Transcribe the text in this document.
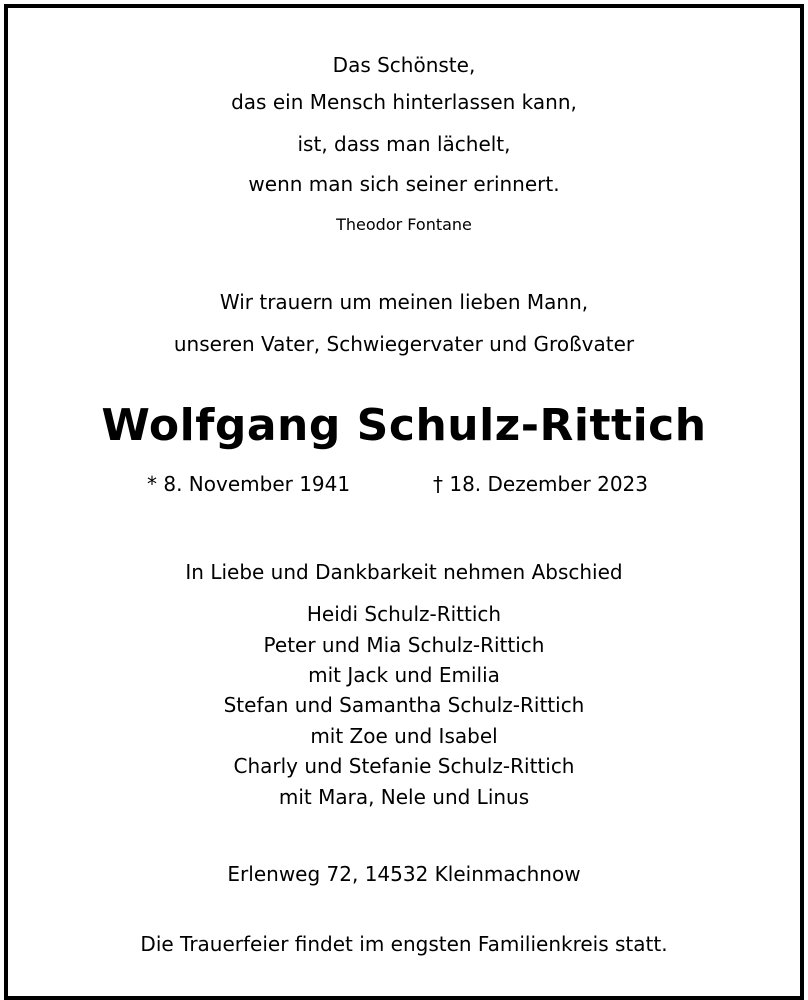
Das Schönste,
das ein Mensch hinterlassen kann,
ist, dass man lächelt,
wenn man sich seiner erinnert.
Theodor Fontane
Wir trauern um meinen lieben Mann,
unseren Vater, Schwiegervater und Großvater
Wolfgang Schulz-Rittich
* 8. November 1941	† 18. Dezember 2023
In Liebe und Dankbarkeit nehmen Abschied
Heidi Schulz-Rittich
Peter und Mia Schulz-Rittich
mit Jack und Emilia
Stefan und Samantha Schulz-Rittich
mit Zoe und Isabel
Charly und Stefanie Schulz-Rittich
mit Mara, Nele und Linus
Erlenweg 72, 14532 Kleinmachnow
Die Trauerfeier findet im engsten Familienkreis statt.
